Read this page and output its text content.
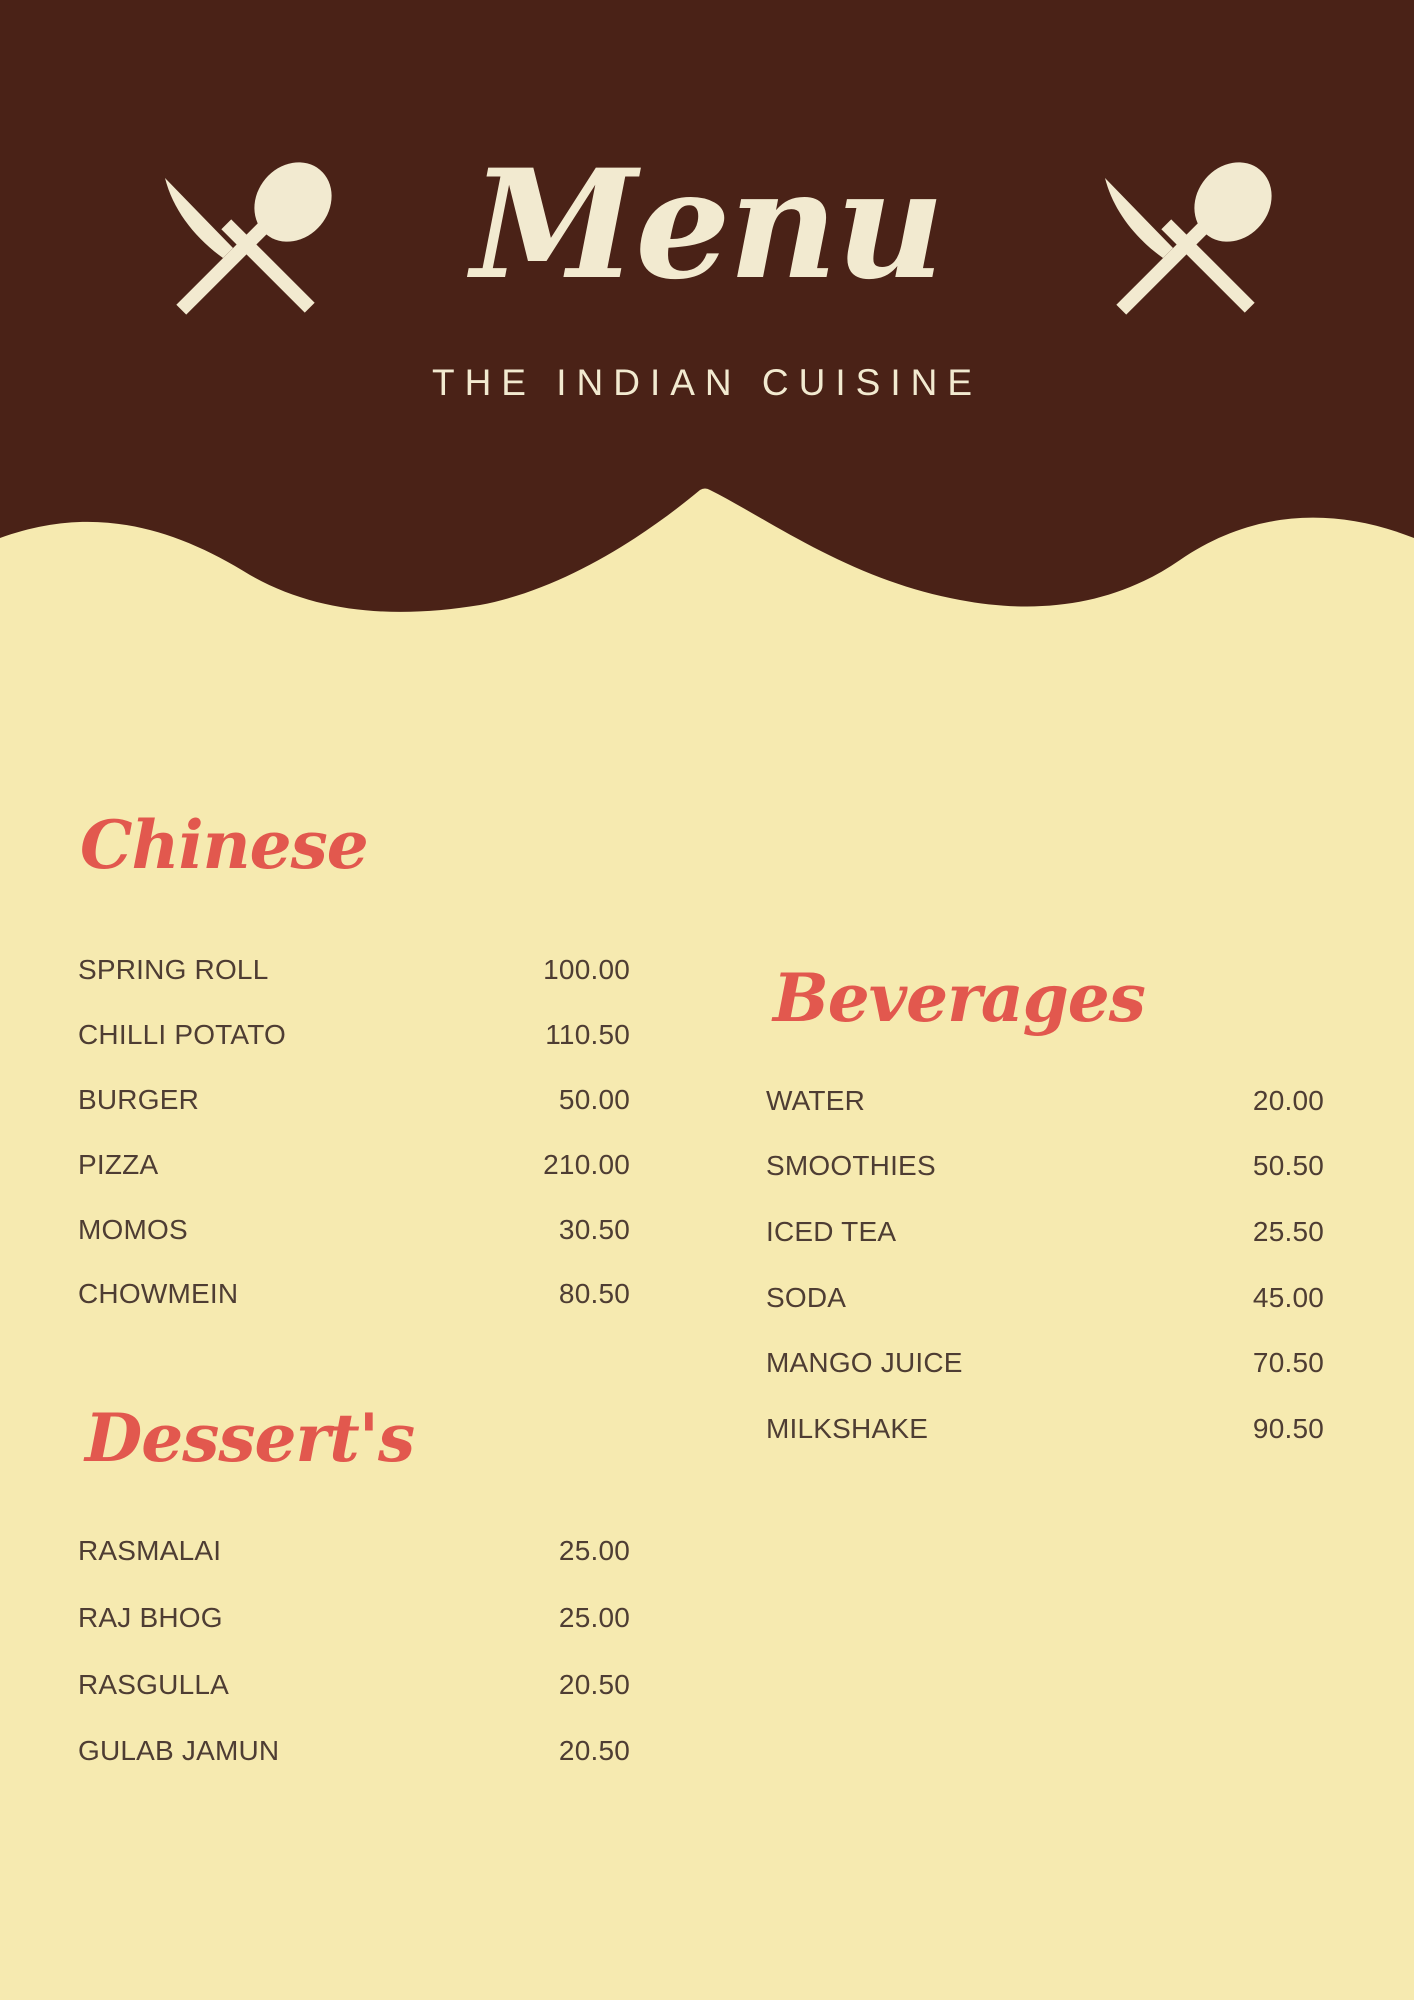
Menu
THE INDIAN CUISINE
Chinese
SPRING ROLL	100.00
CHILLI POTATO	110.50
BURGER	50.00
PIZZA	210.00
MOMOS	30.50
CHOWMEIN	80.50
Dessert's
RASMALAI	25.00
RAJ BHOG	25.00
RASGULLA	20.50
GULAB JAMUN	20.50
Beverages
WATER	20.00
SMOOTHIES	50.50
ICED TEA	25.50
SODA	45.00
MANGO JUICE	70.50
MILKSHAKE	90.50
